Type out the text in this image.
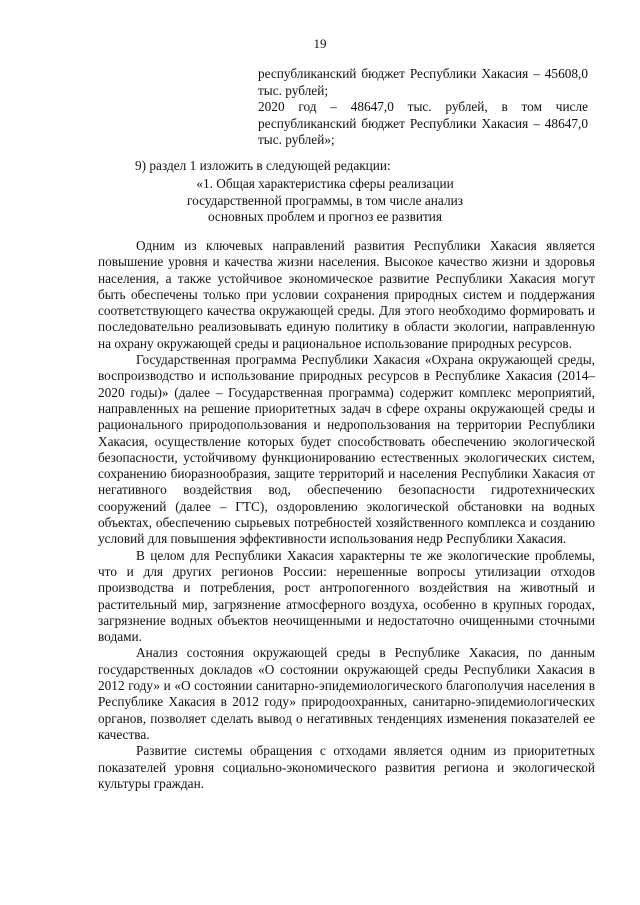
19

республиканский бюджет Республики Хакасия – 45608,0 тыс. рублей;

2020 год – 48647,0 тыс. рублей, в том числе республиканский бюджет Республики Хакасия – 48647,0 тыс. рублей»;

9) раздел 1 изложить в следующей редакции:
«1. Общая характеристика сферы реализации
государственной программы, в том числе анализ
основных проблем и прогноз ее развития

Одним из ключевых направлений развития Республики Хакасия является повышение уровня и качества жизни населения. Высокое качество жизни и здоровья населения, а также устойчивое экономическое развитие Республики Хакасия могут быть обеспечены только при условии сохранения природных систем и поддержания соответствующего качества окружающей среды. Для этого необходимо формировать и последовательно реализовывать единую политику в области экологии, направленную на охрану окружающей среды и рациональное использование природных ресурсов.

Государственная программа Республики Хакасия «Охрана окружающей среды, воспроизводство и использование природных ресурсов в Республике Хакасия (2014–2020 годы)» (далее – Государственная программа) содержит комплекс мероприятий, направленных на решение приоритетных задач в сфере охраны окружающей среды и рационального природопользования и недропользования на территории Республики Хакасия, осуществление которых будет способствовать обеспечению экологической безопасности, устойчивому функционированию естественных экологических систем, сохранению биоразнообразия, защите территорий и населения Республики Хакасия от негативного воздействия вод, обеспечению безопасности гидротехнических сооружений (далее – ГТС), оздоровлению экологической обстановки на водных объектах, обеспечению сырьевых потребностей хозяйственного комплекса и созданию условий для повышения эффективности использования недр Республики Хакасия.

В целом для Республики Хакасия характерны те же экологические проблемы, что и для других регионов России: нерешенные вопросы утилизации отходов производства и потребления, рост антропогенного воздействия на животный и растительный мир, загрязнение атмосферного воздуха, особенно в крупных городах, загрязнение водных объектов неочищенными и недостаточно очищенными сточными водами.

Анализ состояния окружающей среды в Республике Хакасия, по данным государственных докладов «О состоянии окружающей среды Республики Хакасия в 2012 году» и «О состоянии санитарно-эпидемиологического благополучия населения в Республике Хакасия в 2012 году» природоохранных, санитарно-эпидемиологических органов, позволяет сделать вывод о негативных тенденциях изменения показателей ее качества.

Развитие системы обращения с отходами является одним из приоритетных показателей уровня социально-экономического развития региона и экологической культуры граждан.
